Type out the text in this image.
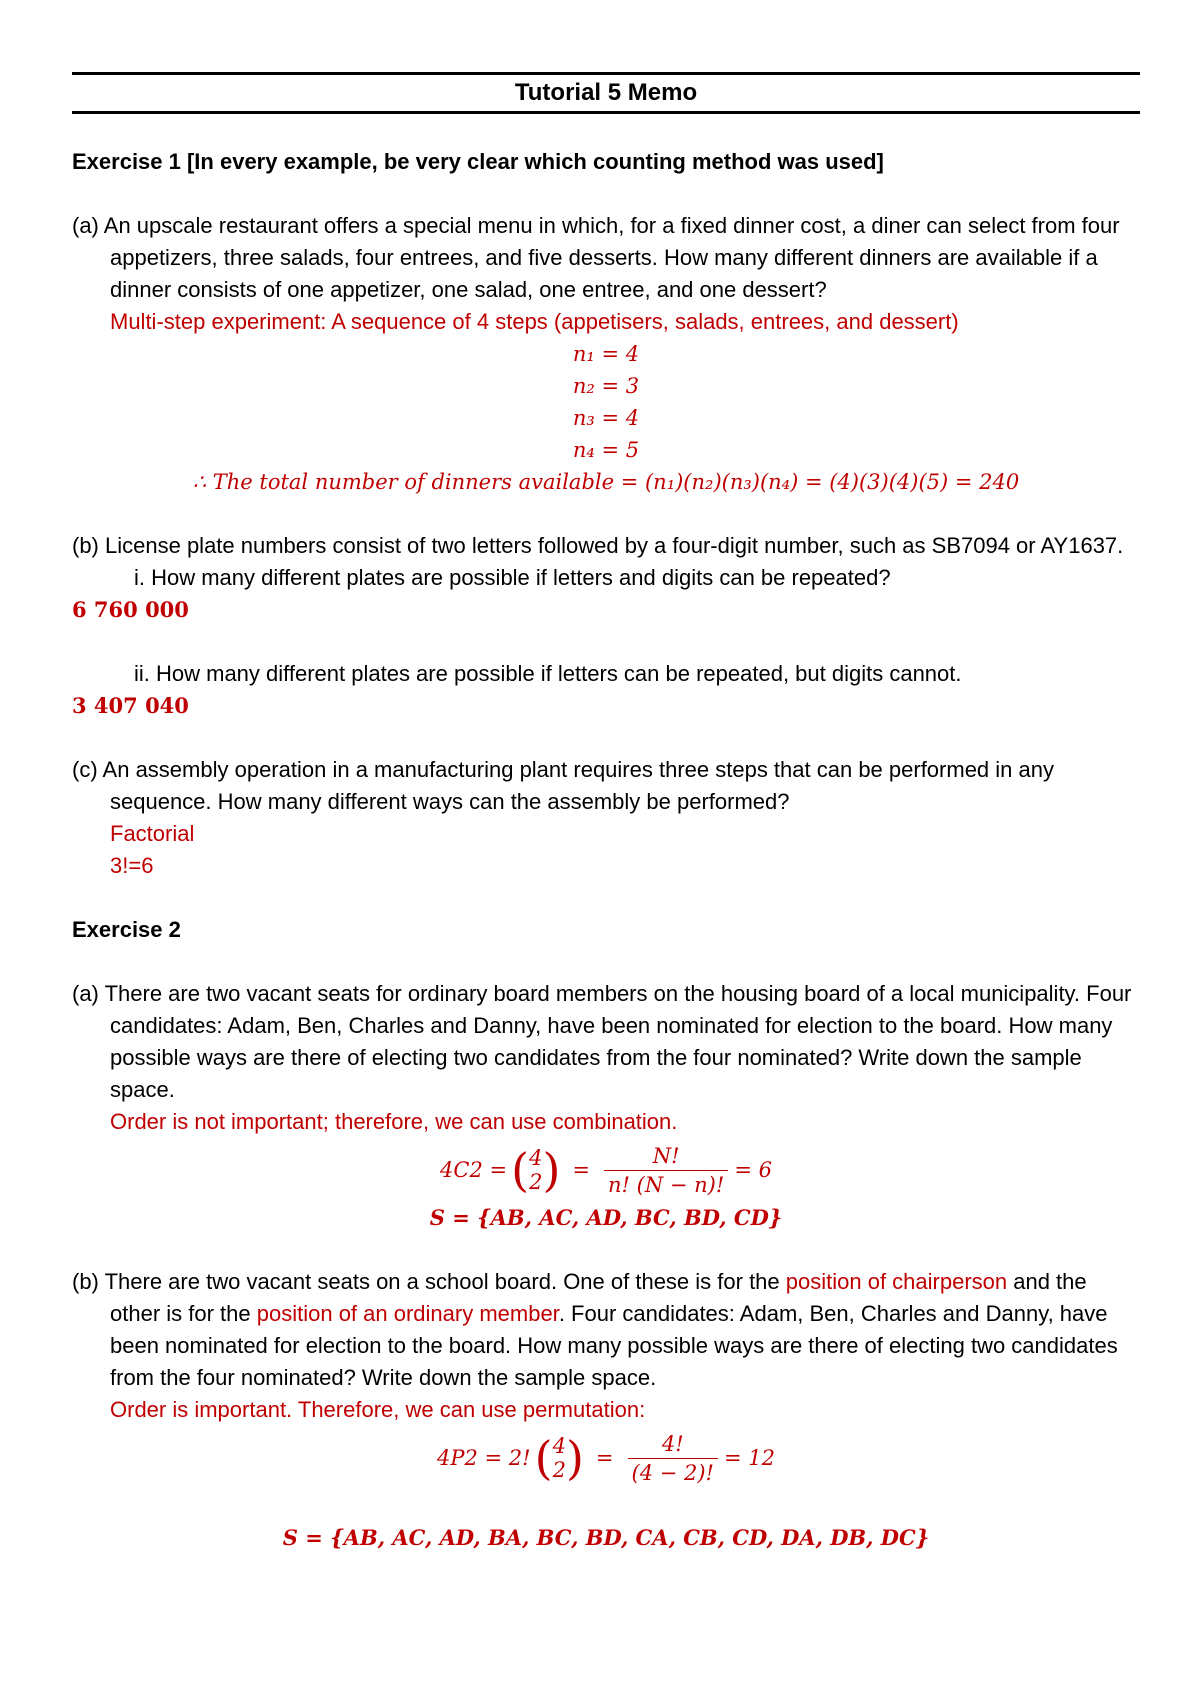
Tutorial 5 Memo
Exercise 1 [In every example, be very clear which counting method was used]
(a) An upscale restaurant offers a special menu in which, for a fixed dinner cost, a diner can select from four appetizers, three salads, four entrees, and five desserts. How many different dinners are available if a dinner consists of one appetizer, one salad, one entree, and one dessert?
Multi-step experiment: A sequence of 4 steps (appetisers, salads, entrees, and dessert)
n₁ = 4
n₂ = 3
n₃ = 4
n₄ = 5
∴ The total number of dinners available = (n₁)(n₂)(n₃)(n₄) = (4)(3)(4)(5) = 240
(b) License plate numbers consist of two letters followed by a four-digit number, such as SB7094 or AY1637.
i. How many different plates are possible if letters and digits can be repeated?
6 760 000
ii. How many different plates are possible if letters can be repeated, but digits cannot.
3 407 040
(c) An assembly operation in a manufacturing plant requires three steps that can be performed in any sequence. How many different ways can the assembly be performed?
Factorial
3!=6
Exercise 2
(a) There are two vacant seats for ordinary board members on the housing board of a local municipality. Four candidates: Adam, Ben, Charles and Danny, have been nominated for election to the board. How many possible ways are there of electing two candidates from the four nominated? Write down the sample space.
Order is not important; therefore, we can use combination.
4C2 = ( 4
2 ) = $\frac{N!}{n! (N - n)!} = 6$
S = {AB, AC, AD, BC, BD, CD}
(b) There are two vacant seats on a school board. One of these is for the position of chairperson and the other is for the position of an ordinary member. Four candidates: Adam, Ben, Charles and Danny, have been nominated for election to the board. How many possible ways are there of electing two candidates from the four nominated? Write down the sample space.
Order is important. Therefore, we can use permutation:
4P2 = 2! ( 4
2 ) = $\frac{4!}{(4 - 2)!} = 12$
S = {AB, AC, AD, BA, BC, BD, CA, CB, CD, DA, DB, DC}
